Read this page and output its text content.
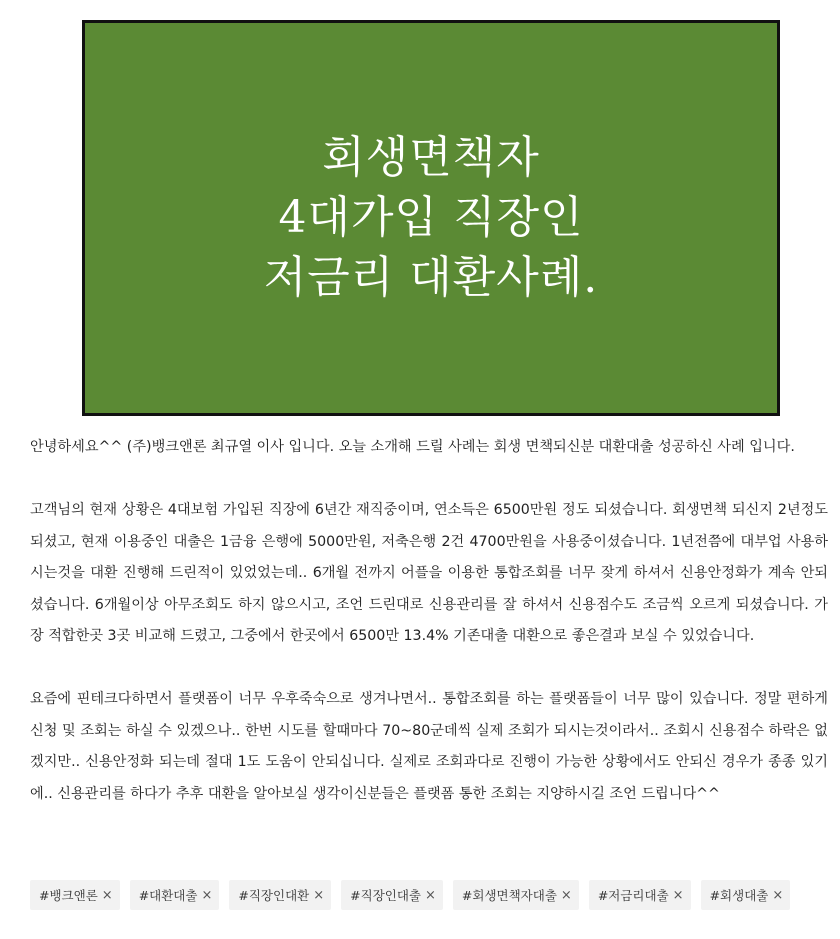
회생면책자
4대가입 직장인
저금리 대환사례.

안녕하세요^^ (주)뱅크앤론 최규열 이사 입니다. 오늘 소개해 드릴 사례는 회생 면책되신분 대환대출 성공하신 사례 입니다.

고객님의 현재 상황은 4대보험 가입된 직장에 6년간 재직중이며, 연소득은 6500만원 정도 되셨습니다. 회생면책 되신지 2년정도 되셨고, 현재 이용중인 대출은 1금융 은행에 5000만원, 저축은행 2건 4700만원을 사용중이셨습니다. 1년전쯤에 대부업 사용하시는것을 대환 진행해 드린적이 있었었는데.. 6개월 전까지 어플을 이용한 통합조회를 너무 잦게 하셔서 신용안정화가 계속 안되셨습니다. 6개월이상 아무조회도 하지 않으시고, 조언 드린대로 신용관리를 잘 하셔서 신용점수도 조금씩 오르게 되셨습니다. 가장 적합한곳 3곳 비교해 드렸고, 그중에서 한곳에서 6500만 13.4% 기존대출 대환으로 좋은결과 보실 수 있었습니다.

요즘에 핀테크다하면서 플랫폼이 너무 우후죽숙으로 생겨나면서.. 통합조회를 하는 플랫폼들이 너무 많이 있습니다. 정말 편하게 신청 및 조회는 하실 수 있겠으나.. 한번 시도를 할때마다 70~80군데씩 실제 조회가 되시는것이라서.. 조회시 신용점수 하락은 없겠지만.. 신용안정화 되는데 절대 1도 도움이 안되십니다. 실제로 조회과다로 진행이 가능한 상황에서도 안되신 경우가 종종 있기에.. 신용관리를 하다가 추후 대환을 알아보실 생각이신분들은 플랫폼 통한 조회는 지양하시길 조언 드립니다^^

#뱅크앤론 × #대환대출 × #직장인대환 × #직장인대출 × #회생면책자대출 × #저금리대출 × #회생대출 ×
